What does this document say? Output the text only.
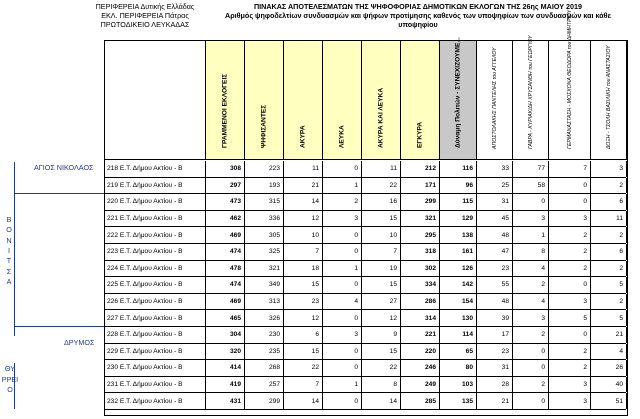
ΠΕΡΙΦΕΡΕΙΑ Δυτικής Ελλάδας
ΕΚΛ. ΠΕΡΙΦΕΡΕΙΑ Πάτρας
ΠΡΩΤΟΔΙΚΕΙΟ ΛΕΥΚΑΔΑΣ
ΠΙΝΑΚΑΣ ΑΠΟΤΕΛΕΣΜΑΤΩΝ ΤΗΣ ΨΗΦΟΦΟΡΙΑΣ ΔΗΜΟΤΙΚΩΝ ΕΚΛΟΓΩΝ ΤΗΣ 26ης ΜΑΙΟΥ 2019
Αριθμός ψηφοδελτίων συνδυασμών και ψήφων προτίμησης καθενός των υποψηφίων των συνδυασμών και κάθε υποψηφίου
ΓΡΑΜΜΕΝΟΙ ΕΚΛΟΓΕΙΣ	ΨΗΦΙΣΑΝΤΕΣ	ΑΚΥΡΑ	ΛΕΥΚΑ	ΑΚΥΡΑ ΚΑΙ ΛΕΥΚΑ	ΕΓΚΥΡΑ	Δύναμη Πολιτών - ΣΥΝΕΧΙΖΟΥΜΕ...	ΑΠΟΣΤΟΛΑΚΗΣ ΠΑΝΤΕΛΗΣ του ΑΓΓΕΛΟΥ	ΓΑΒΡΑ - ΚΥΡΙΑΚΙΔΗ ΧΡΥΣΑΝΘΗ του ΓΕΩΡΓΙΟΥ	ΓΕΡΜΑΝΑΣΤΑΣΗ - ΜΟΣΧΟΝΑ ΘΕΟΔΩΡΑ του ΔΗΜΗΤΡΙΟΥ	ΔΟΞΗ - ΤΣΟΛΗ ΒΑΣΙΛΙΚΗ του ΑΝΑΣΤΑΣΙΟΥ
218 Ε.Τ. Δήμου Ακτίου - Β	308	223	11	0	11	212	116	33	77	7	3
219 Ε.Τ. Δήμου Ακτίου - Β	297	193	21	1	22	171	96	25	58	0	2
220 Ε.Τ. Δήμου Ακτίου - Β	473	315	14	2	16	299	115	31	0	0	6
221 Ε.Τ. Δήμου Ακτίου - Β	462	336	12	3	15	321	129	45	3	3	11
222 Ε.Τ. Δήμου Ακτίου - Β	469	305	10	0	10	295	138	48	1	2	2
223 Ε.Τ. Δήμου Ακτίου - Β	474	325	7	0	7	318	161	47	8	2	6
224 Ε.Τ. Δήμου Ακτίου - Β	478	321	18	1	19	302	126	23	4	2	2
225 Ε.Τ. Δήμου Ακτίου - Β	474	349	15	0	15	334	142	55	2	0	5
226 Ε.Τ. Δήμου Ακτίου - Β	469	313	23	4	27	286	154	48	4	3	2
227 Ε.Τ. Δήμου Ακτίου - Β	465	326	12	0	12	314	130	39	3	5	5
228 Ε.Τ. Δήμου Ακτίου - Β	304	230	6	3	9	221	114	17	2	0	21
229 Ε.Τ. Δήμου Ακτίου - Β	320	235	15	0	15	220	65	23	0	2	4
230 Ε.Τ. Δήμου Ακτίου - Β	414	268	22	0	22	246	80	31	0	2	26
231 Ε.Τ. Δήμου Ακτίου - Β	419	257	7	1	8	249	103	28	2	3	40
232 Ε.Τ. Δήμου Ακτίου - Β	431	299	14	0	14	285	135	21	0	3	51
ΑΓΙΟΣ ΝΙΚΟΛΑΟΣ
Β
Ο
Ν
Ι
Τ
Σ
Α
ΔΡΥΜΟΣ
ΘΥ
ΡΡΕΙ
Ο
